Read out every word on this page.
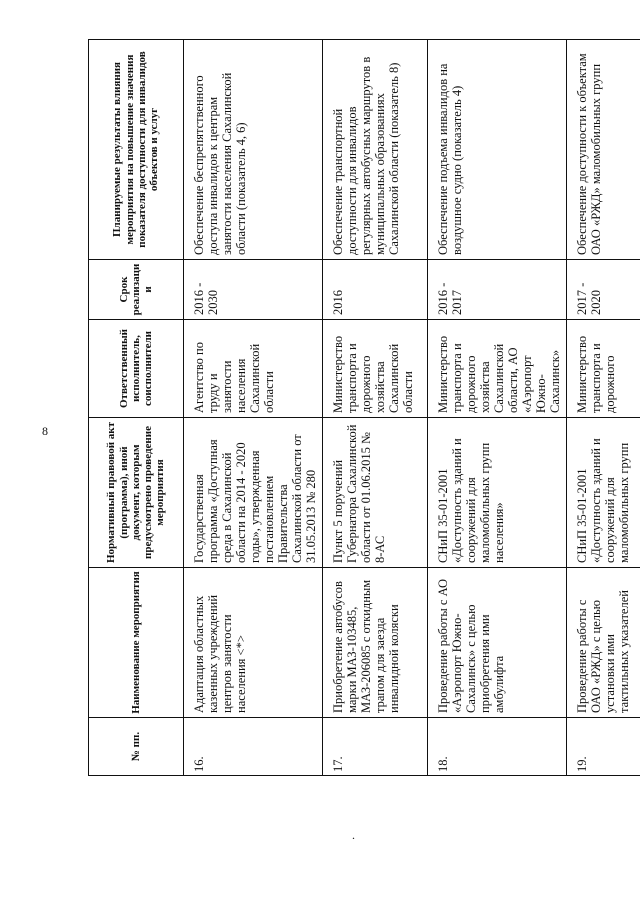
8
№ пп.	Наименование мероприятия	Нормативный правовой акт (программа), иной документ, которым предусмотрено проведение мероприятия	Ответственный исполнитель, соисполнители	Срок реализации	Планируемые результаты влияния мероприятия на повышение значения показателя доступности для инвалидов объектов и услуг
16.	Адаптация областных казенных учреждений центров занятости населения <*>	Государственная программа «Доступная среда в Сахалинской области на 2014 - 2020 годы», утвержденная постановлением Правительства Сахалинской области от 31.05.2013 № 280	Агентство по труду и занятости населения Сахалинской области	2016 - 2030	Обеспечение беспрепятственного доступа инвалидов к центрам занятости населения Сахалинской области (показатель 4, 6)
17.	Приобретение автобусов марки МАЗ-103485, МАЗ-206085 с откидным трапом для заезда инвалидной коляски	Пункт 5 поручений Губернатора Сахалинской области от 01.06.2015 № 8-АС	Министерство транспорта и дорожного хозяйства Сахалинской области	2016	Обеспечение транспортной доступности для инвалидов регулярных автобусных маршрутов в муниципальных образованиях Сахалинской области (показатель 8)
18.	Проведение работы с АО «Аэропорт Южно-Сахалинск» с целью приобретения ими амбулифта	СНиП 35-01-2001 «Доступность зданий и сооружений для маломобильных групп населения»	Министерство транспорта и дорожного хозяйства Сахалинской области, АО «Аэропорт Южно-Сахалинск»	2016 - 2017	Обеспечение подъема инвалидов на воздушное судно (показатель 4)
19.	Проведение работы с ОАО «РЖД» с целью установки ими тактильных указателей	СНиП 35-01-2001 «Доступность зданий и сооружений для маломобильных групп	Министерство транспорта и дорожного	2017 - 2020	Обеспечение доступности к объектам ОАО «РЖД» маломобильных групп
.
